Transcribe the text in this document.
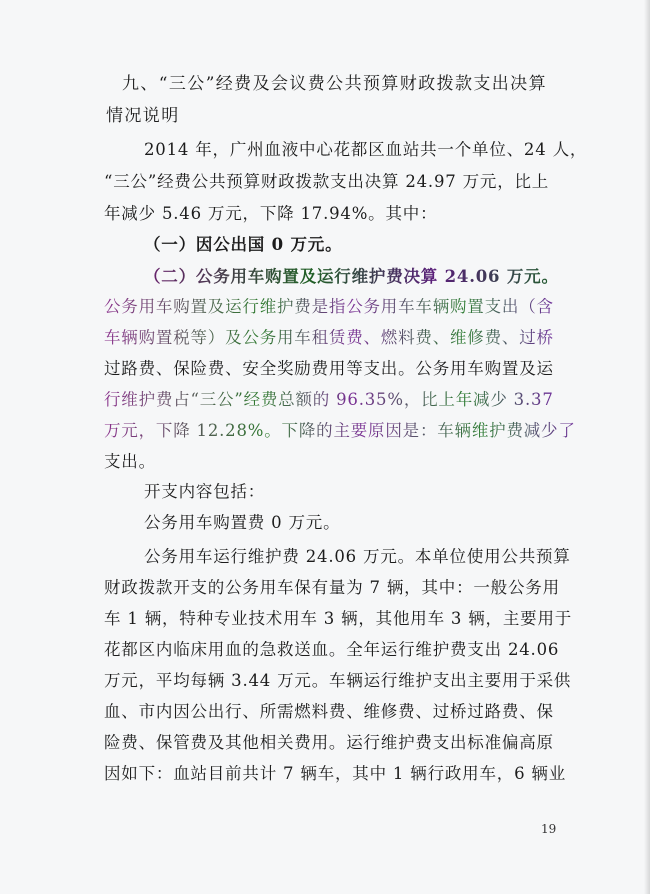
九、“三公”经费及会议费公共预算财政拨款支出决算
情况说明
2014 年，广州血液中心花都区血站共一个单位、24 人，
“三公”经费公共预算财政拨款支出决算 24.97 万元，比上
年减少 5.46 万元，下降 17.94%。其中：
（一）因公出国 0 万元。
（二）公务用车购置及运行维护费决算 24.06 万元。
公务用车购置及运行维护费是指公务用车车辆购置支出（含
车辆购置税等）及公务用车租赁费、燃料费、维修费、过桥
过路费、保险费、安全奖励费用等支出。公务用车购置及运
行维护费占“三公”经费总额的 96.35%，比上年减少 3.37
万元，下降 12.28%。下降的主要原因是：车辆维护费减少了
支出。
开支内容包括：
公务用车购置费 0 万元。
公务用车运行维护费 24.06 万元。本单位使用公共预算
财政拨款开支的公务用车保有量为 7 辆，其中：一般公务用
车 1 辆，特种专业技术用车 3 辆，其他用车 3 辆，主要用于
花都区内临床用血的急救送血。全年运行维护费支出 24.06
万元，平均每辆 3.44 万元。车辆运行维护支出主要用于采供
血、市内因公出行、所需燃料费、维修费、过桥过路费、保
险费、保管费及其他相关费用。运行维护费支出标准偏高原
因如下：血站目前共计 7 辆车，其中 1 辆行政用车，6 辆业
19
